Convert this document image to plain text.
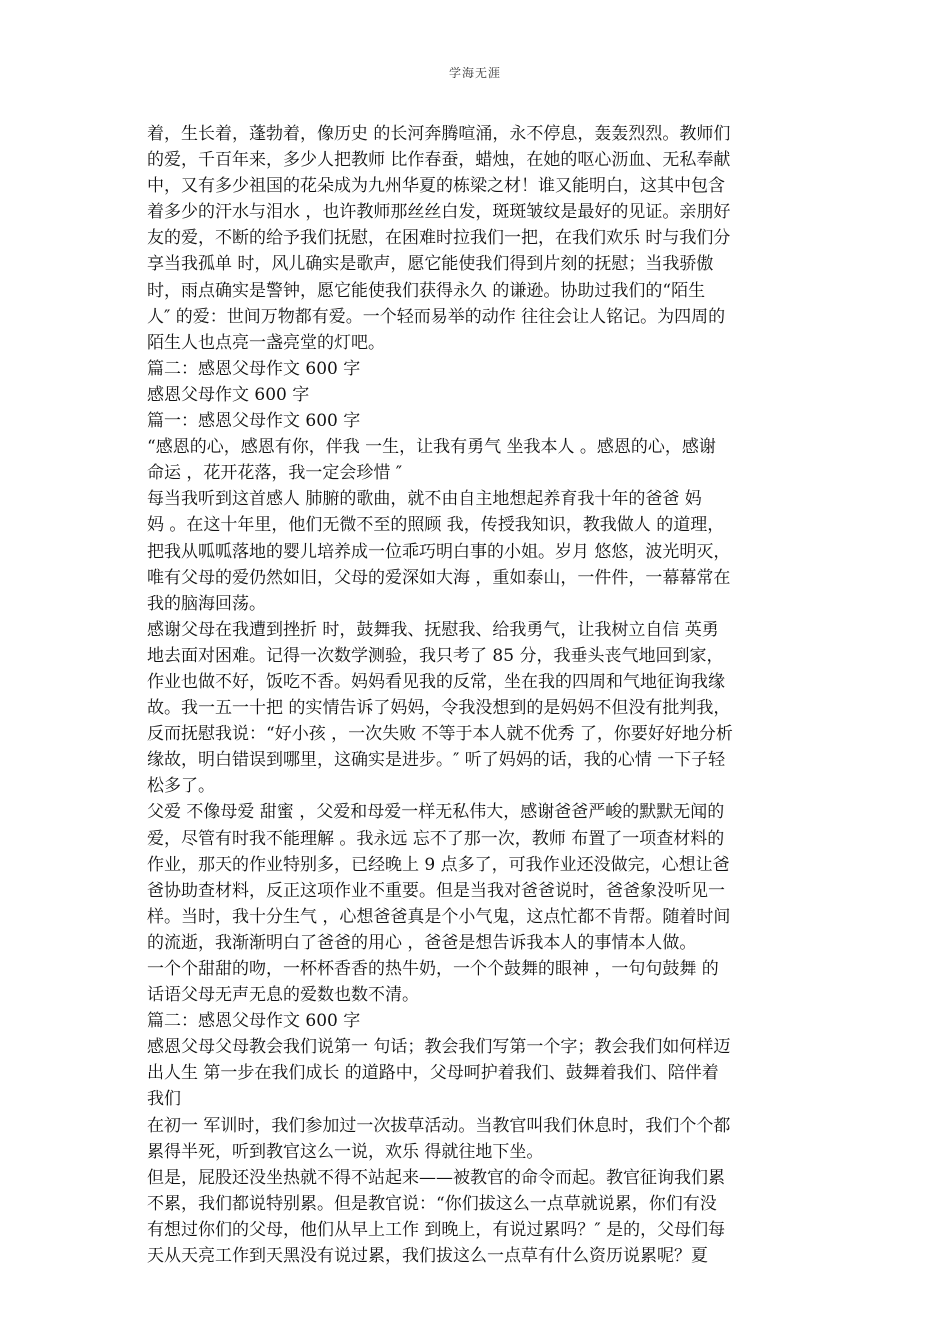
学海无涯
着，生长着，蓬勃着，像历史 的长河奔腾喧涌，永不停息，轰轰烈烈。教师们
的爱，千百年来，多少人把教师 比作春蚕，蜡烛，在她的呕心沥血、无私奉献
中，又有多少祖国的花朵成为九州华夏的栋梁之材！谁又能明白，这其中包含
着多少的汗水与泪水 ，也许教师那丝丝白发，斑斑皱纹是最好的见证。亲朋好
友的爱，不断的给予我们抚慰，在困难时拉我们一把，在我们欢乐 时与我们分
享当我孤单 时，风儿确实是歌声，愿它能使我们得到片刻的抚慰；当我骄傲
时，雨点确实是警钟，愿它能使我们获得永久 的谦逊。协助过我们的“陌生
人″ 的爱：世间万物都有爱。一个轻而易举的动作 往往会让人铭记。为四周的
陌生人也点亮一盏亮堂的灯吧。
篇二：感恩父母作文 600 字
感恩父母作文 600 字
篇一：感恩父母作文 600 字
“感恩的心，感恩有你，伴我 一生，让我有勇气 坐我本人 。感恩的心，感谢
命运 ，花开花落，我一定会珍惜 ″
每当我听到这首感人 肺腑的歌曲，就不由自主地想起养育我十年的爸爸 妈
妈 。在这十年里，他们无微不至的照顾 我，传授我知识，教我做人 的道理，
把我从呱呱落地的婴儿培养成一位乖巧明白事的小姐。岁月 悠悠，波光明灭，
唯有父母的爱仍然如旧，父母的爱深如大海 ，重如泰山，一件件，一幕幕常在
我的脑海回荡。
感谢父母在我遭到挫折 时，鼓舞我、抚慰我、给我勇气，让我树立自信 英勇
地去面对困难。记得一次数学测验，我只考了 85 分，我垂头丧气地回到家，
作业也做不好，饭吃不香。妈妈看见我的反常，坐在我的四周和气地征询我缘
故。我一五一十把 的实情告诉了妈妈，令我没想到的是妈妈不但没有批判我，
反而抚慰我说：“好小孩 ，一次失败 不等于本人就不优秀 了，你要好好地分析
缘故，明白错误到哪里，这确实是进步。″ 听了妈妈的话，我的心情 一下子轻
松多了。
父爱 不像母爱 甜蜜 ，父爱和母爱一样无私伟大，感谢爸爸严峻的默默无闻的
爱，尽管有时我不能理解 。我永远 忘不了那一次，教师 布置了一项查材料的
作业，那天的作业特别多，已经晚上 9 点多了，可我作业还没做完，心想让爸
爸协助查材料，反正这项作业不重要。但是当我对爸爸说时，爸爸象没听见一
样。当时，我十分生气 ，心想爸爸真是个小气鬼，这点忙都不肯帮。随着时间
的流逝，我渐渐明白了爸爸的用心 ，爸爸是想告诉我本人的事情本人做。
一个个甜甜的吻，一杯杯香香的热牛奶，一个个鼓舞的眼神 ，一句句鼓舞 的
话语父母无声无息的爱数也数不清。
篇二：感恩父母作文 600 字
感恩父母父母教会我们说第一 句话；教会我们写第一个字；教会我们如何样迈
出人生 第一步在我们成长 的道路中，父母呵护着我们、鼓舞着我们、陪伴着
我们
在初一 军训时，我们参加过一次拔草活动。当教官叫我们休息时，我们个个都
累得半死，听到教官这么一说，欢乐 得就往地下坐。
但是，屁股还没坐热就不得不站起来——被教官的命令而起。教官征询我们累
不累，我们都说特别累。但是教官说：“你们拔这么一点草就说累，你们有没
有想过你们的父母，他们从早上工作 到晚上，有说过累吗？″ 是的，父母们每
天从天亮工作到天黑没有说过累，我们拔这么一点草有什么资历说累呢？夏
